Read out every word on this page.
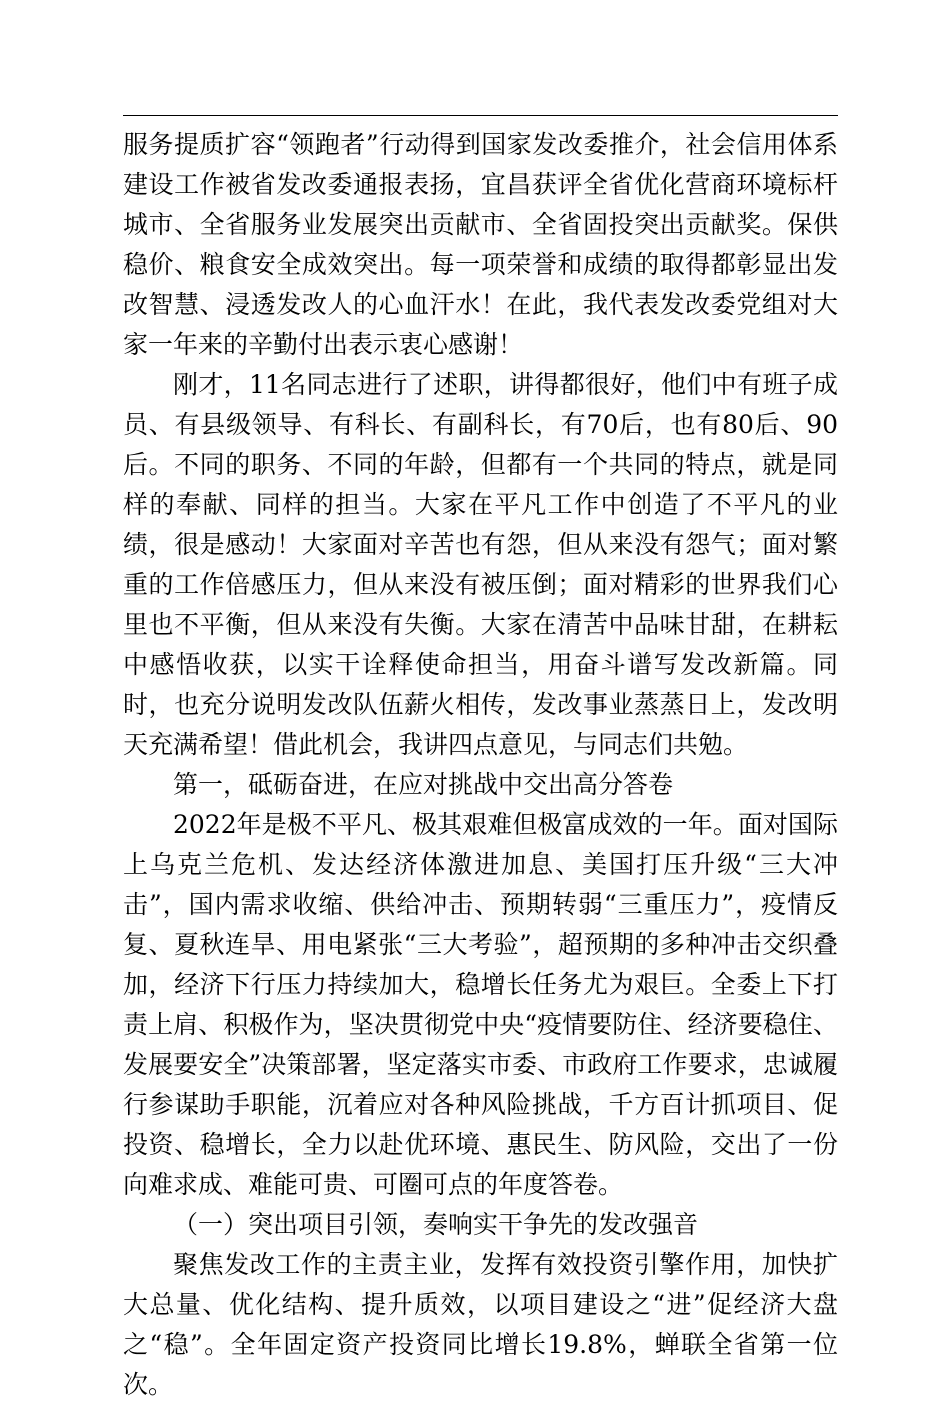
服务提质扩容“领跑者”行动得到国家发改委推介，社会信用体系建设工作被省发改委通报表扬，宜昌获评全省优化营商环境标杆城市、全省服务业发展突出贡献市、全省固投突出贡献奖。保供稳价、粮食安全成效突出。每一项荣誉和成绩的取得都彰显出发改智慧、浸透发改人的心血汗水！在此，我代表发改委党组对大家一年来的辛勤付出表示衷心感谢！

刚才，11名同志进行了述职，讲得都很好，他们中有班子成员、有县级领导、有科长、有副科长，有70后，也有80后、90后。不同的职务、不同的年龄，但都有一个共同的特点，就是同样的奉献、同样的担当。大家在平凡工作中创造了不平凡的业绩，很是感动！大家面对辛苦也有怨，但从来没有怨气；面对繁重的工作倍感压力，但从来没有被压倒；面对精彩的世界我们心里也不平衡，但从来没有失衡。大家在清苦中品味甘甜，在耕耘中感悟收获，以实干诠释使命担当，用奋斗谱写发改新篇。同时，也充分说明发改队伍薪火相传，发改事业蒸蒸日上，发改明天充满希望！借此机会，我讲四点意见，与同志们共勉。

第一，砥砺奋进，在应对挑战中交出高分答卷

2022年是极不平凡、极其艰难但极富成效的一年。面对国际上乌克兰危机、发达经济体激进加息、美国打压升级“三大冲击”，国内需求收缩、供给冲击、预期转弱“三重压力”，疫情反复、夏秋连旱、用电紧张“三大考验”，超预期的多种冲击交织叠加，经济下行压力持续加大，稳增长任务尤为艰巨。全委上下打责上肩、积极作为，坚决贯彻党中央“疫情要防住、经济要稳住、发展要安全”决策部署，坚定落实市委、市政府工作要求，忠诚履行参谋助手职能，沉着应对各种风险挑战，千方百计抓项目、促投资、稳增长，全力以赴优环境、惠民生、防风险，交出了一份向难求成、难能可贵、可圈可点的年度答卷。

（一）突出项目引领，奏响实干争先的发改强音

聚焦发改工作的主责主业，发挥有效投资引擎作用，加快扩大总量、优化结构、提升质效，以项目建设之“进”促经济大盘之“稳”。全年固定资产投资同比增长19.8%，蝉联全省第一位次。
